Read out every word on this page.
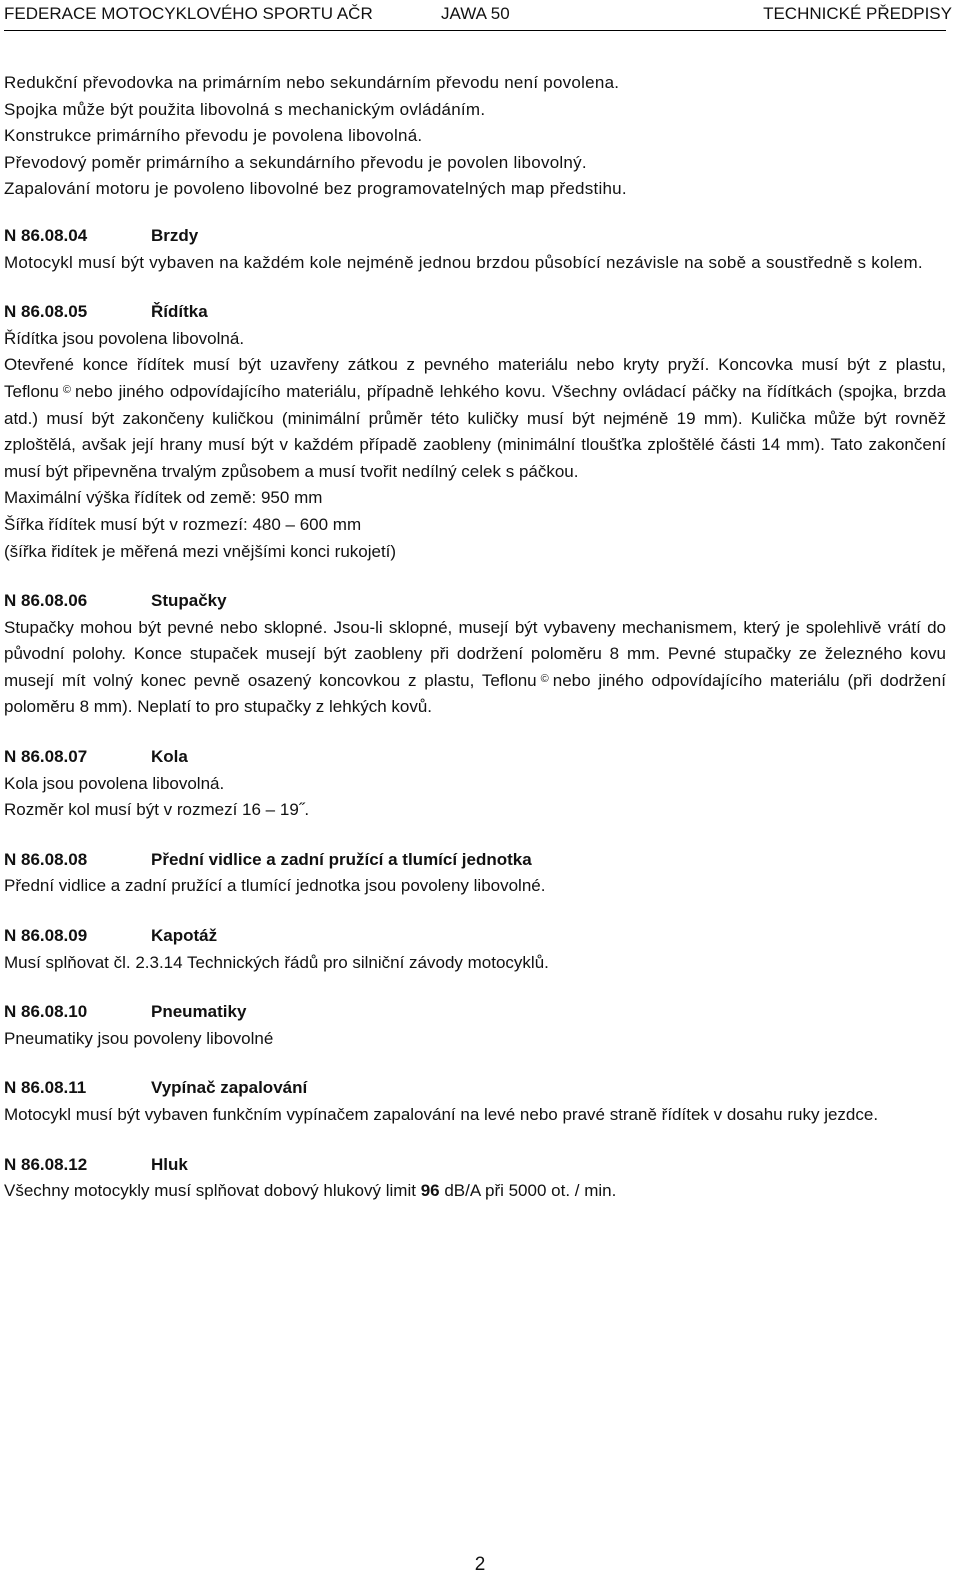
FEDERACE MOTOCYKLOVÉHO SPORTU AČR	JAWA 50	TECHNICKÉ PŘEDPISY

Redukční převodovka na primárním nebo sekundárním převodu není povolena.

Spojka může být použita libovolná s mechanickým ovládáním.

Konstrukce primárního převodu je povolena libovolná.

Převodový poměr primárního a sekundárního převodu je povolen libovolný.

Zapalování motoru je povoleno libovolné bez programovatelných map předstihu.

N 86.08.04	Brzdy

Motocykl musí být vybaven na každém kole nejméně jednou brzdou působící nezávisle na sobě a soustředně s kolem.

N 86.08.05	Řídítka

Řídítka jsou povolena libovolná.

Otevřené konce řídítek musí být uzavřeny zátkou z pevného materiálu nebo kryty pryží. Koncovka musí být z plastu, Teflonu © nebo jiného odpovídajícího materiálu, případně lehkého kovu. Všechny ovládací páčky na řídítkách (spojka, brzda atd.) musí být zakončeny kuličkou (minimální průměr této kuličky musí být nejméně 19 mm). Kulička může být rovněž zploštělá, avšak její hrany musí být v každém případě zaobleny (minimální tloušťka zploštělé části 14 mm). Tato zakončení musí být připevněna trvalým způsobem a musí tvořit nedílný celek s páčkou.

Maximální výška řídítek od země: 950 mm

Šířka řídítek musí být v rozmezí: 480 – 600 mm

(šířka řidítek je měřená mezi vnějšími konci rukojetí)

N 86.08.06	Stupačky

Stupačky mohou být pevné nebo sklopné. Jsou-li sklopné, musejí být vybaveny mechanismem, který je spolehlivě vrátí do původní polohy. Konce stupaček musejí být zaobleny při dodržení poloměru 8 mm. Pevné stupačky ze železného kovu musejí mít volný konec pevně osazený koncovkou z plastu, Teflonu © nebo jiného odpovídajícího materiálu (při dodržení poloměru 8 mm). Neplatí to pro stupačky z lehkých kovů.

N 86.08.07	Kola

Kola jsou povolena libovolná.

Rozměr kol musí být v rozmezí 16 – 19˝.

N 86.08.08	Přední vidlice a zadní pružící a tlumící jednotka

Přední vidlice a zadní pružící a tlumící jednotka jsou povoleny libovolné.

N 86.08.09	Kapotáž

Musí splňovat čl. 2.3.14 Technických řádů pro silniční závody motocyklů.

N 86.08.10	Pneumatiky

Pneumatiky jsou povoleny libovolné

N 86.08.11	Vypínač zapalování

Motocykl musí být vybaven funkčním vypínačem zapalování na levé nebo pravé straně řídítek v dosahu ruky jezdce.

N 86.08.12	Hluk

Všechny motocykly musí splňovat dobový hlukový limit 96 dB/A při 5000 ot. / min.

2
